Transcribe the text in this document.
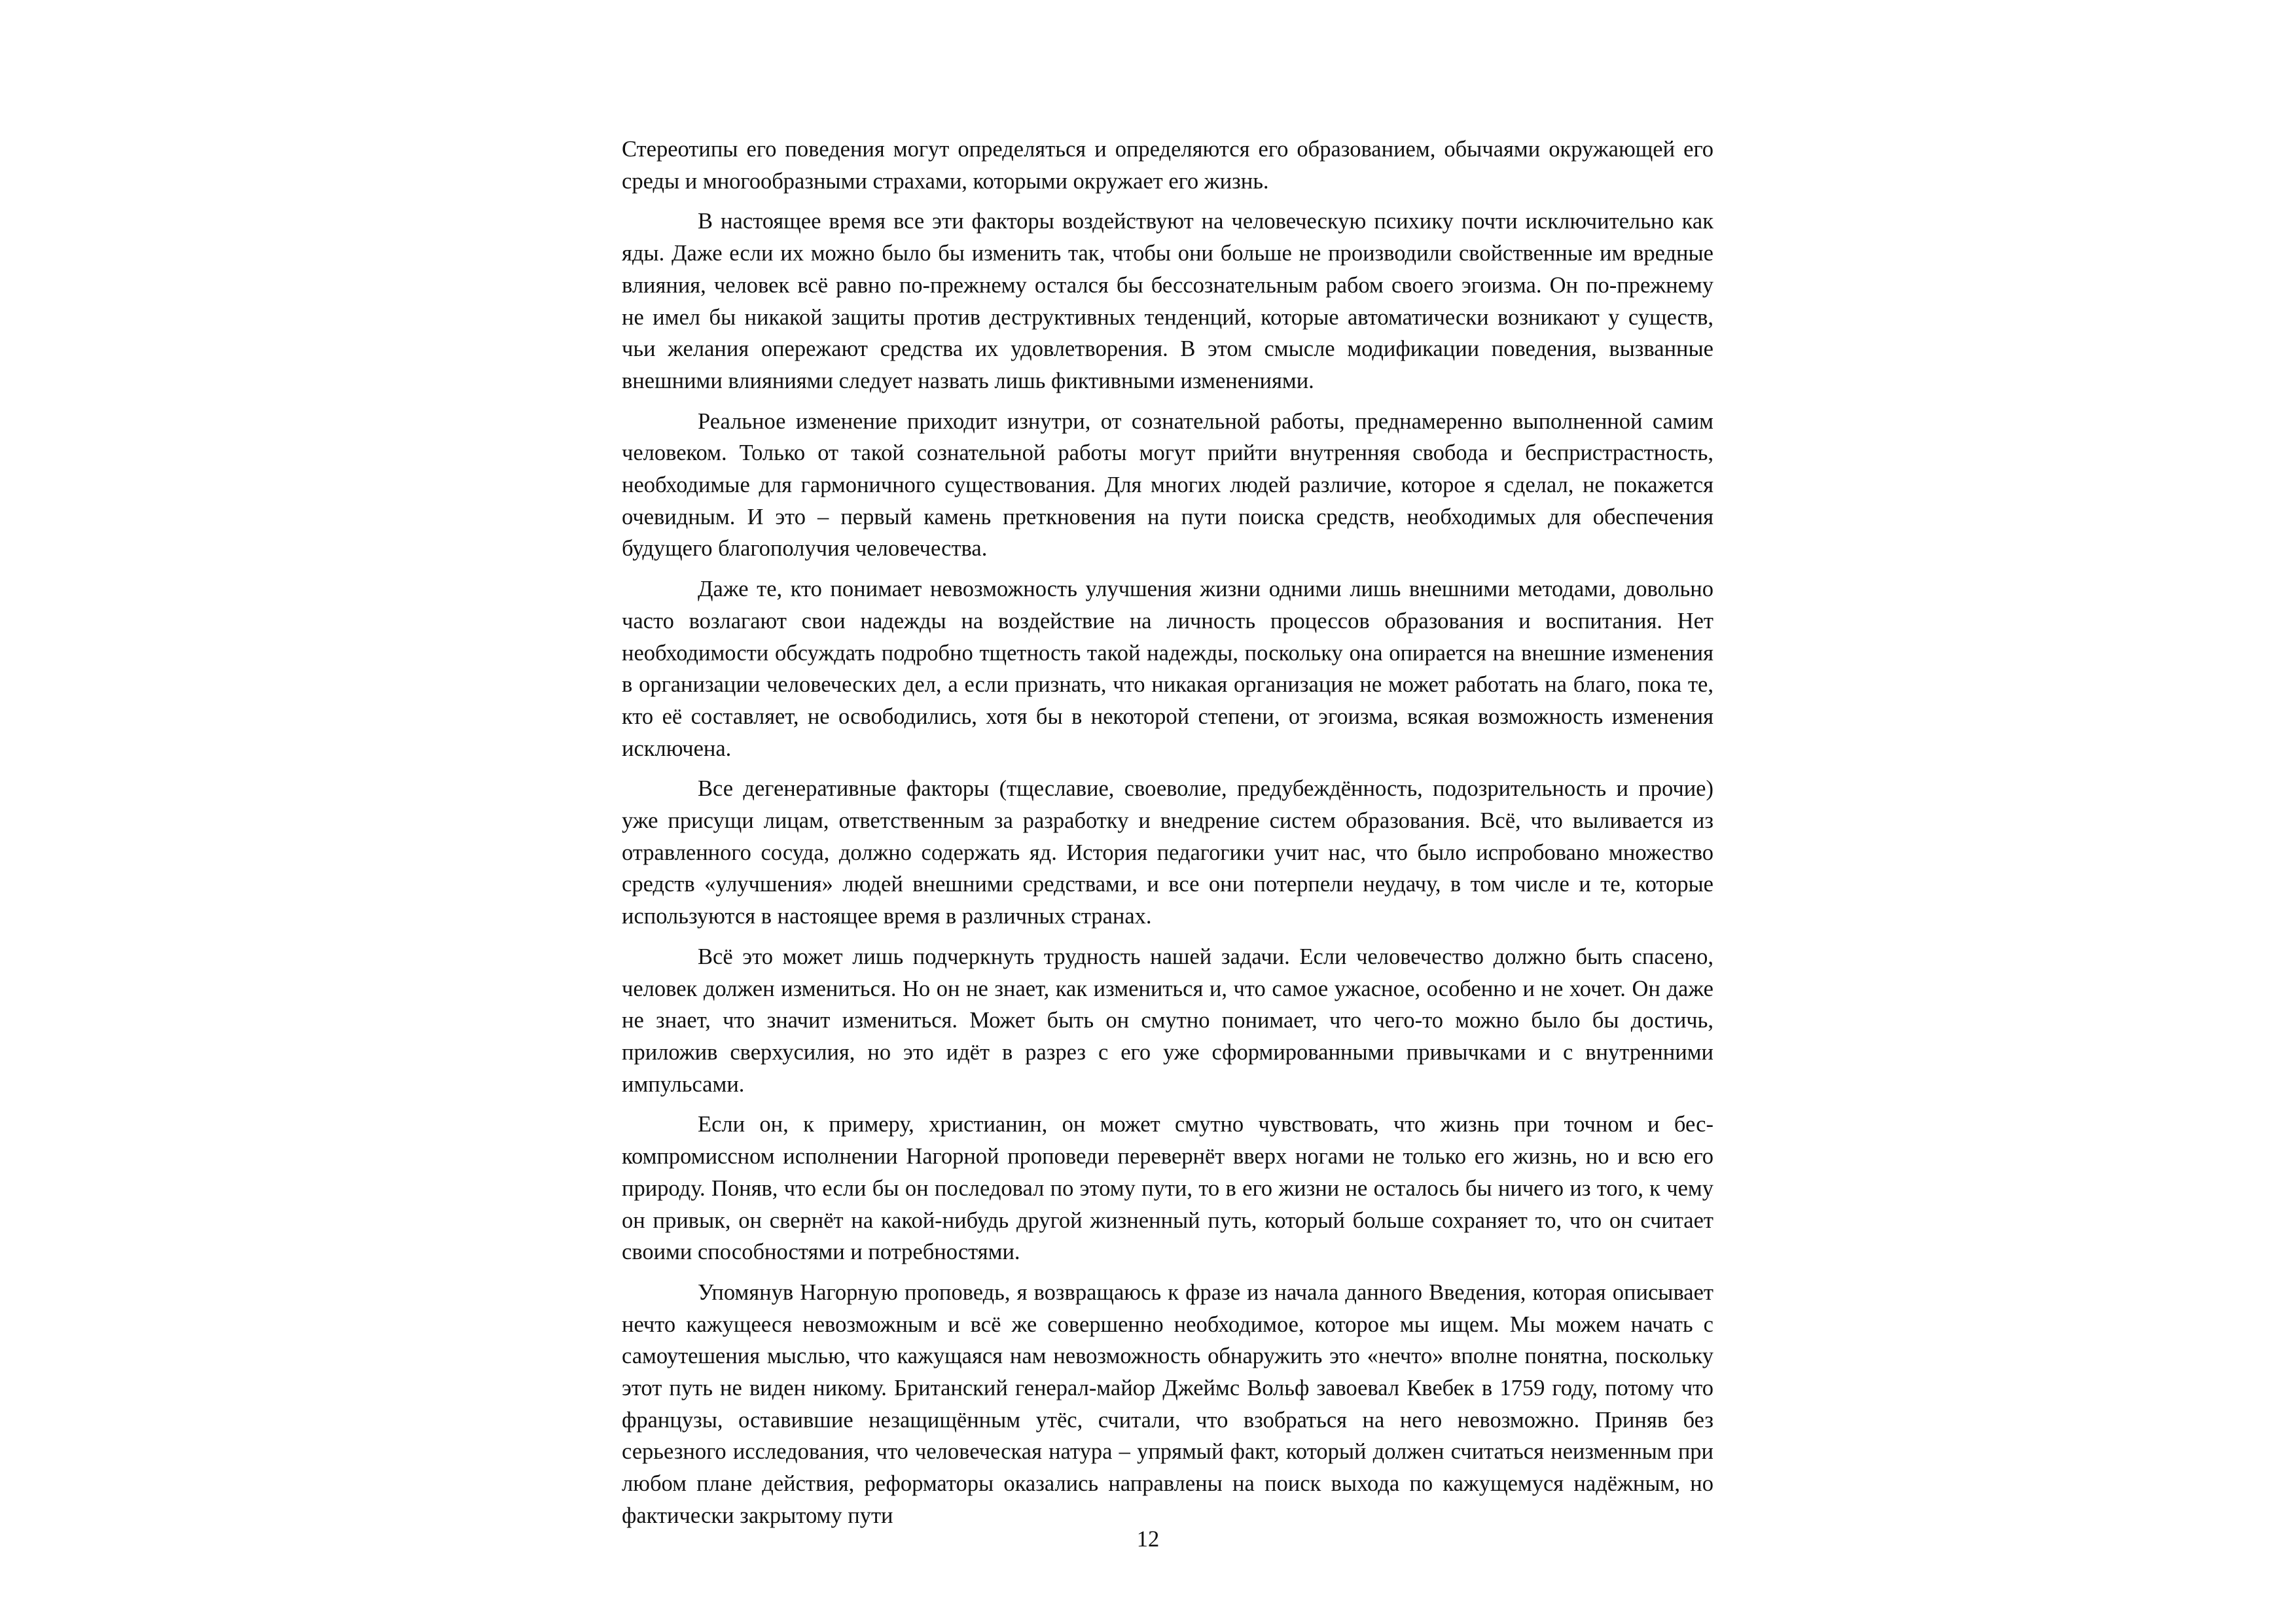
Стереотипы его поведения могут определяться и определяются его образованием, обычаями окружающей его среды и многообразными страхами, которыми окружает его жизнь.

В настоящее время все эти факторы воздействуют на человеческую психику почти исключительно как яды. Даже если их можно было бы изменить так, чтобы они больше не производили свойственные им вредные влияния, человек всё равно по-прежнему остался бы бессознательным рабом своего эгоизма. Он по-прежнему не имел бы никакой защиты против деструктивных тенденций, которые автоматически возникают у существ, чьи желания опережают средства их удовлетворения. В этом смысле модификации поведения, вызванные внешними влияниями следует назвать лишь фиктивными изменениями.

Реальное изменение приходит изнутри, от сознательной работы, преднамеренно выполненной самим человеком. Только от такой сознательной работы могут прийти внутренняя свобода и беспристрастность, необходимые для гармоничного существования. Для многих людей различие, которое я сделал, не покажется очевидным. И это – первый камень преткновения на пути поиска средств, необходимых для обеспечения будущего благополучия человечества.

Даже те, кто понимает невозможность улучшения жизни одними лишь внешними методами, довольно часто возлагают свои надежды на воздействие на личность процессов образования и воспитания. Нет необходимости обсуждать подробно тщетность такой надежды, поскольку она опирается на внешние изменения в организации человеческих дел, а если признать, что никакая организация не может работать на благо, пока те, кто её составляет, не освободились, хотя бы в некоторой степени, от эгоизма, всякая возможность изменения исключена.

Все дегенеративные факторы (тщеславие, своеволие, предубеждённость, подозрительность и прочие) уже присущи лицам, ответственным за разработку и внедрение систем образования. Всё, что выливается из отравленного сосуда, должно содержать яд. История педагогики учит нас, что было испробовано множество средств «улучшения» людей внешними средствами, и все они потерпели неудачу, в том числе и те, которые используются в настоящее время в различных странах.

Всё это может лишь подчеркнуть трудность нашей задачи. Если человечество должно быть спасено, человек должен измениться. Но он не знает, как измениться и, что самое ужасное, особенно и не хочет. Он даже не знает, что значит измениться. Может быть он смутно понимает, что чего-то можно было бы достичь, приложив сверхусилия, но это идёт в разрез с его уже сформированными привычками и с внутренними импульсами.

Если он, к примеру, христианин, он может смутно чувствовать, что жизнь при точном и бескомпромиссном исполнении Нагорной проповеди перевернёт вверх ногами не только его жизнь, но и всю его природу. Поняв, что если бы он последовал по этому пути, то в его жизни не осталось бы ничего из того, к чему он привык, он свернёт на какой-нибудь другой жизненный путь, который больше сохраняет то, что он считает своими способностями и потребностями.

Упомянув Нагорную проповедь, я возвращаюсь к фразе из начала данного Введения, которая описывает нечто кажущееся невозможным и всё же совершенно необходимое, которое мы ищем. Мы можем начать с самоутешения мыслью, что кажущаяся нам невозможность обнаружить это «нечто» вполне понятна, поскольку этот путь не виден никому. Британский генерал-майор Джеймс Вольф завоевал Квебек в 1759 году, потому что французы, оставившие незащищённым утёс, считали, что взобраться на него невозможно. Приняв без серьезного исследования, что человеческая натура – упрямый факт, который должен считаться неизменным при любом плане действия, реформаторы оказались направлены на поиск выхода по кажущемуся надёжным, но фактически закрытому пути

12
